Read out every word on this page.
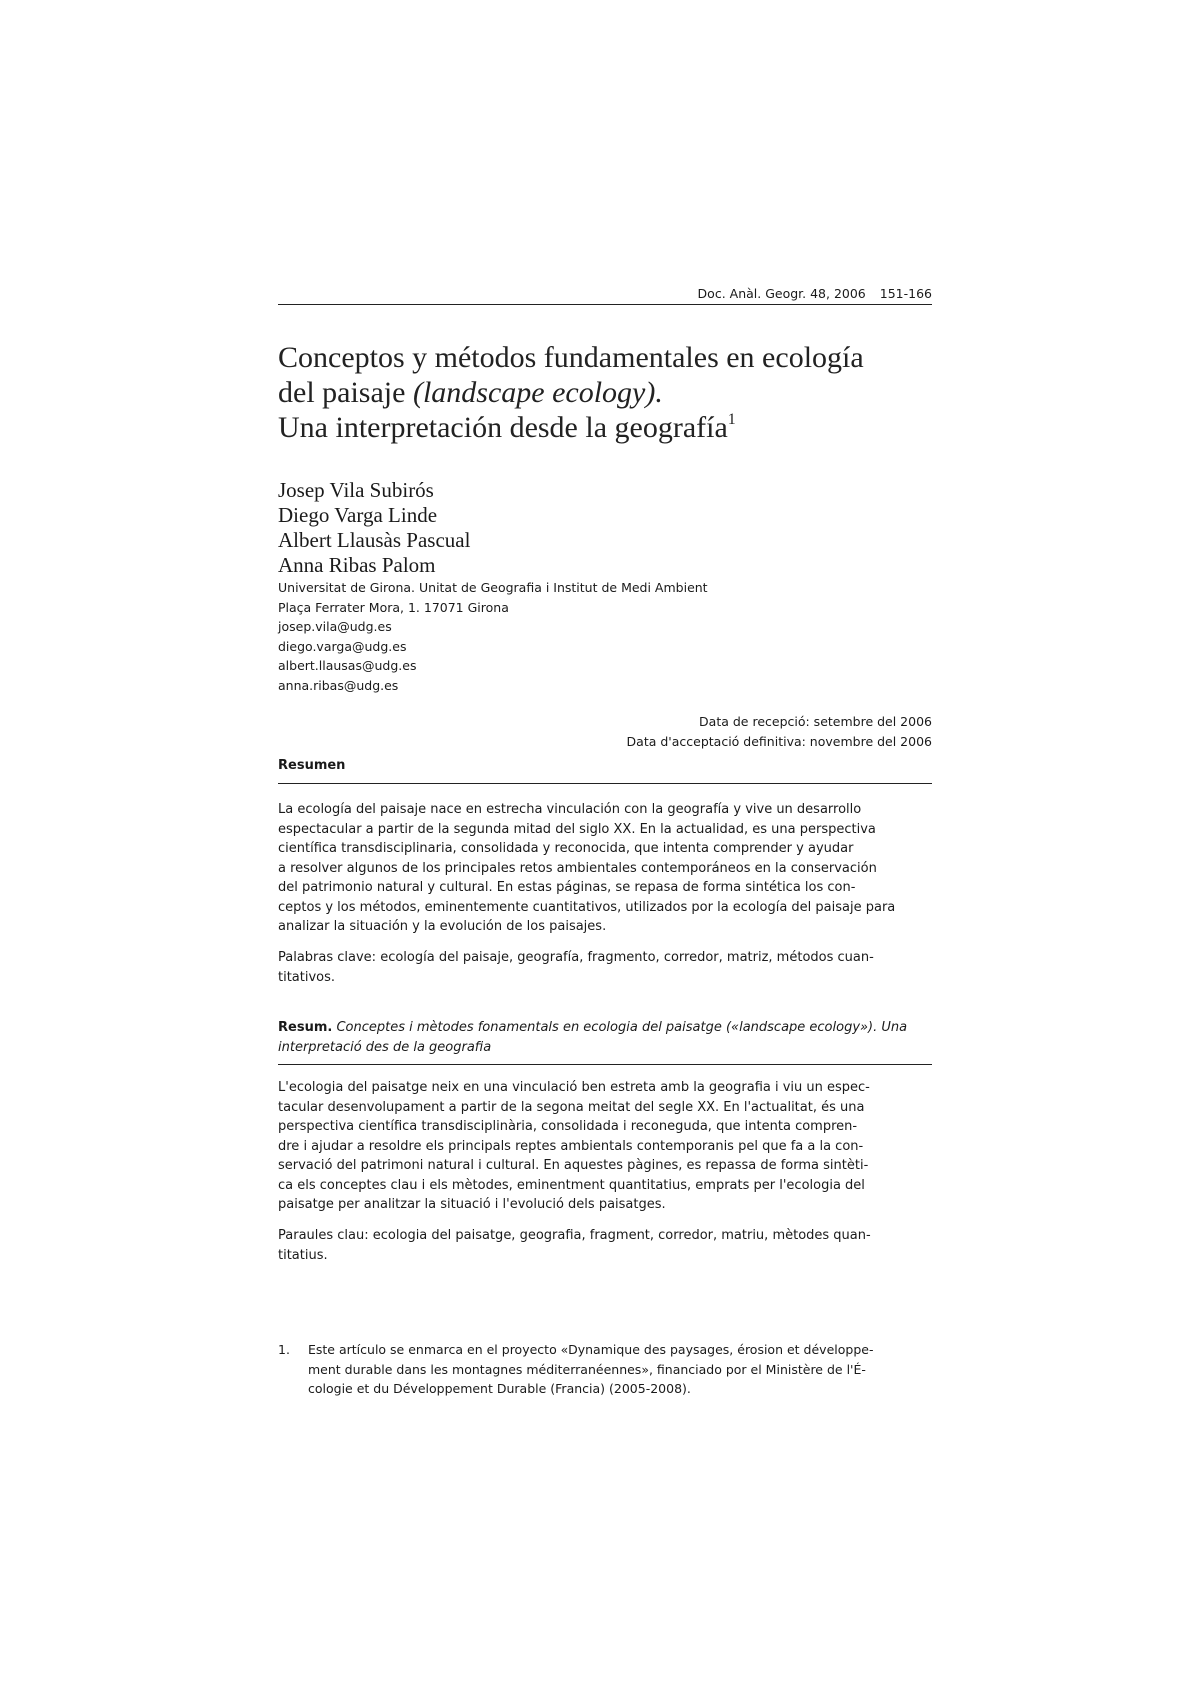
Doc. Anàl. Geogr. 48, 2006 151-166
Conceptos y métodos fundamentales en ecología
del paisaje (landscape ecology).
Una interpretación desde la geografía$^1$
Josep Vila Subirós
Diego Varga Linde
Albert Llausàs Pascual
Anna Ribas Palom
Universitat de Girona. Unitat de Geografia i Institut de Medi Ambient
Plaça Ferrater Mora, 1. 17071 Girona
josep.vila@udg.es
diego.varga@udg.es
albert.llausas@udg.es
anna.ribas@udg.es
Data de recepció: setembre del 2006
Data d'acceptació definitiva: novembre del 2006
Resumen
La ecología del paisaje nace en estrecha vinculación con la geografía y vive un desarrollo
espectacular a partir de la segunda mitad del siglo XX. En la actualidad, es una perspectiva
científica transdisciplinaria, consolidada y reconocida, que intenta comprender y ayudar
a resolver algunos de los principales retos ambientales contemporáneos en la conservación
del patrimonio natural y cultural. En estas páginas, se repasa de forma sintética los con-
ceptos y los métodos, eminentemente cuantitativos, utilizados por la ecología del paisaje para
analizar la situación y la evolución de los paisajes.
Palabras clave: ecología del paisaje, geografía, fragmento, corredor, matriz, métodos cuan-
titativos.
Resum. Conceptes i mètodes fonamentals en ecologia del paisatge («landscape ecology»). Una
interpretació des de la geografia
L'ecologia del paisatge neix en una vinculació ben estreta amb la geografia i viu un espec-
tacular desenvolupament a partir de la segona meitat del segle XX. En l'actualitat, és una
perspectiva científica transdisciplinària, consolidada i reconeguda, que intenta compren-
dre i ajudar a resoldre els principals reptes ambientals contemporanis pel que fa a la con-
servació del patrimoni natural i cultural. En aquestes pàgines, es repassa de forma sintèti-
ca els conceptes clau i els mètodes, eminentment quantitatius, emprats per l'ecologia del
paisatge per analitzar la situació i l'evolució dels paisatges.
Paraules clau: ecologia del paisatge, geografia, fragment, corredor, matriu, mètodes quan-
titatius.
1.	Este artículo se enmarca en el proyecto «Dynamique des paysages, érosion et développe-
ment durable dans les montagnes méditerranéennes», financiado por el Ministère de l'É-
cologie et du Développement Durable (Francia) (2005-2008).
